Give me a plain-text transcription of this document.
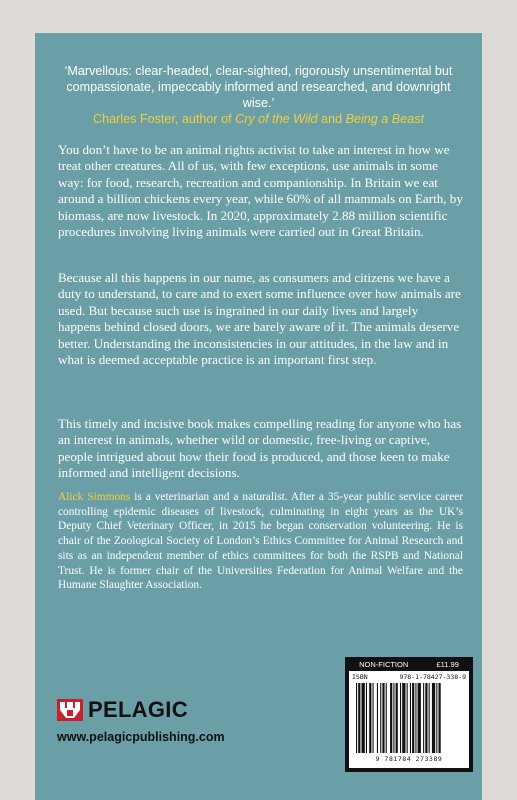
‘Marvellous: clear-headed, clear-sighted, rigorously unsentimental but compassionate, impeccably informed and researched, and downright wise.’
Charles Foster, author of Cry of the Wild and Being a Beast
You don’t have to be an animal rights activist to take an interest in how we treat other creatures. All of us, with few exceptions, use animals in some way: for food, research, recreation and companionship. In Britain we eat around a billion chickens every year, while 60% of all mammals on Earth, by biomass, are now livestock. In 2020, approximately 2.88 million scientific procedures involving living animals were carried out in Great Britain.
Because all this happens in our name, as consumers and citizens we have a duty to understand, to care and to exert some influence over how animals are used. But because such use is ingrained in our daily lives and largely happens behind closed doors, we are barely aware of it. The animals deserve better. Understanding the inconsistencies in our attitudes, in the law and in what is deemed acceptable practice is an important first step.
This timely and incisive book makes compelling reading for anyone who has an interest in animals, whether wild or domestic, free-living or captive, people intrigued about how their food is produced, and those keen to make informed and intelligent decisions.
Alick Simmons is a veterinarian and a naturalist. After a 35-year public service career controlling epidemic diseases of livestock, culminating in eight years as the UK’s Deputy Chief Veterinary Officer, in 2015 he began conservation volunteering. He is chair of the Zoological Society of London’s Ethics Committee for Animal Research and sits as an independent member of ethics committees for both the RSPB and National Trust. He is former chair of the Universities Federation for Animal Welfare and the Humane Slaughter Association.
NON-FICTION	£11.99
ISBN	978-1-78427-338-9
9 781784 273389
PELAGIC
www.pelagicpublishing.com
